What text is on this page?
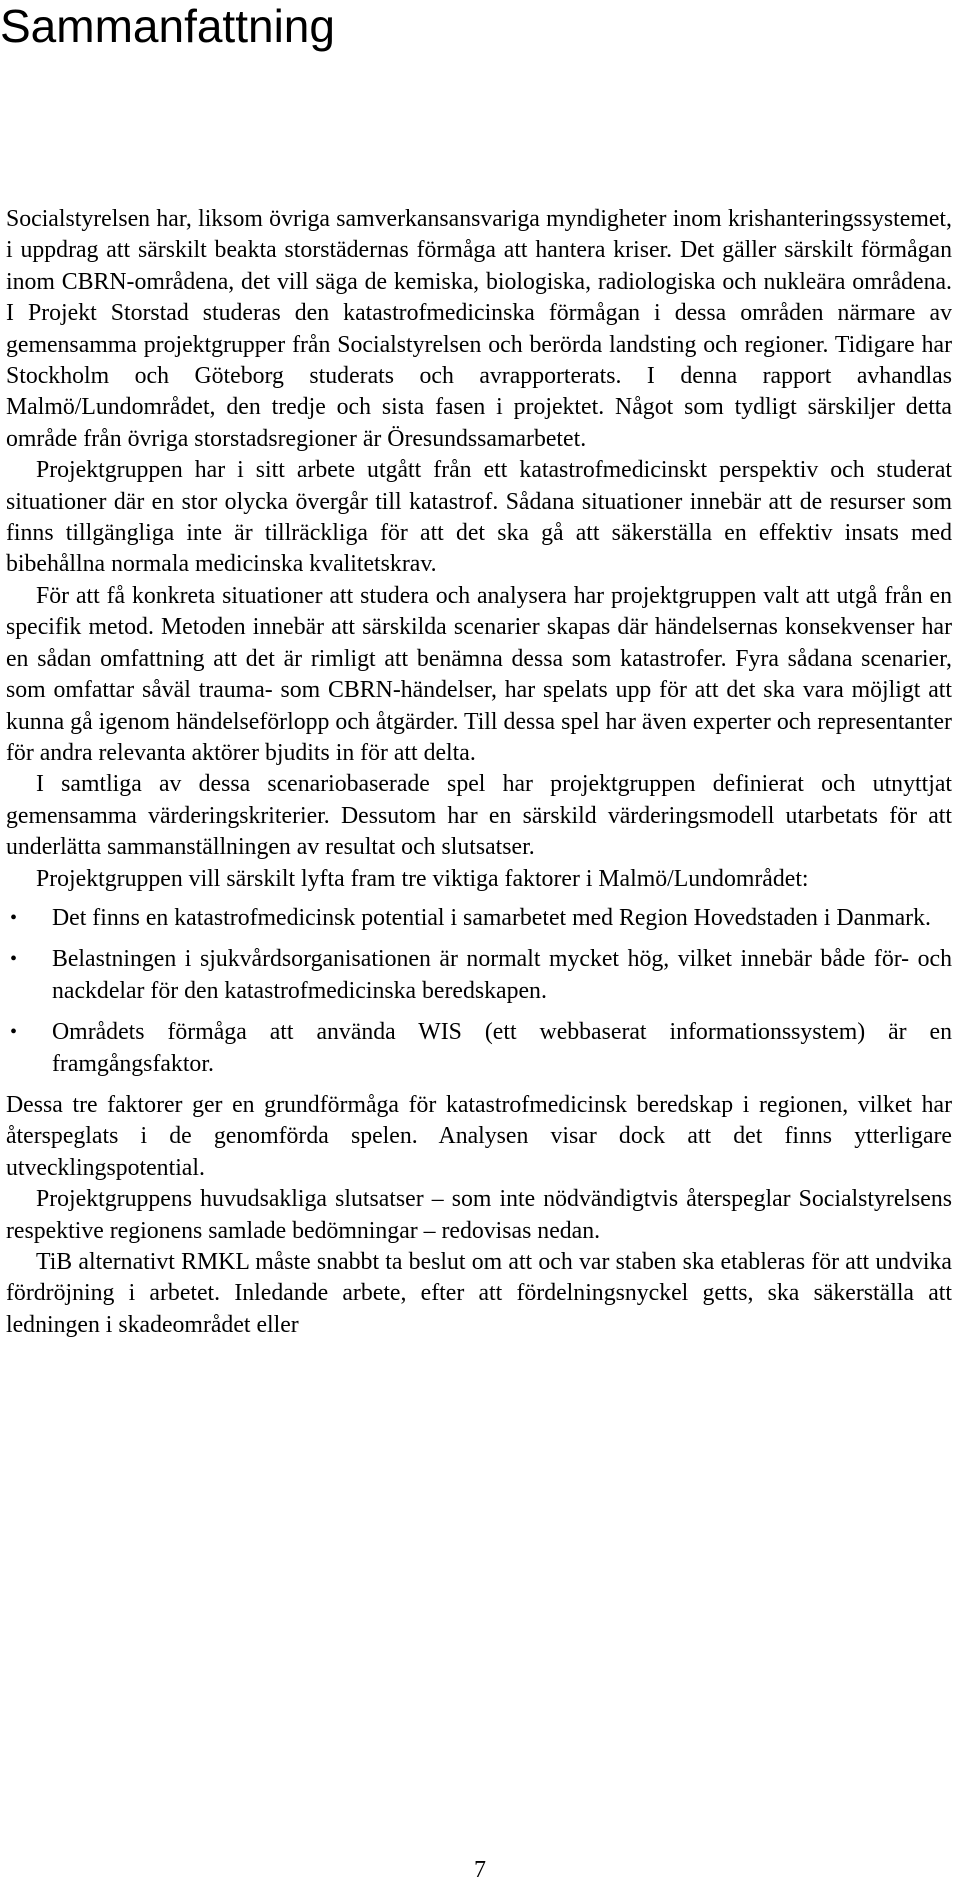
Sammanfattning

Socialstyrelsen har, liksom övriga samverkansansvariga myndigheter inom krishanteringssystemet, i uppdrag att särskilt beakta storstädernas förmåga att hantera kriser. Det gäller särskilt förmågan inom CBRN-områdena, det vill säga de kemiska, biologiska, radiologiska och nukleära områdena. I Projekt Storstad studeras den katastrofmedicinska förmågan i dessa områden närmare av gemensamma projektgrupper från Socialstyrelsen och berörda landsting och regioner. Tidigare har Stockholm och Göteborg studerats och avrapporterats. I denna rapport avhandlas Malmö/Lundområdet, den tredje och sista fasen i projektet. Något som tydligt särskiljer detta område från övriga storstadsregioner är Öresundssamarbetet.

Projektgruppen har i sitt arbete utgått från ett katastrofmedicinskt perspektiv och studerat situationer där en stor olycka övergår till katastrof. Sådana situationer innebär att de resurser som finns tillgängliga inte är tillräckliga för att det ska gå att säkerställa en effektiv insats med bibehållna normala medicinska kvalitetskrav.

För att få konkreta situationer att studera och analysera har projektgruppen valt att utgå från en specifik metod. Metoden innebär att särskilda scenarier skapas där händelsernas konsekvenser har en sådan omfattning att det är rimligt att benämna dessa som katastrofer. Fyra sådana scenarier, som omfattar såväl trauma- som CBRN-händelser, har spelats upp för att det ska vara möjligt att kunna gå igenom händelseförlopp och åtgärder. Till dessa spel har även experter och representanter för andra relevanta aktörer bjudits in för att delta.

I samtliga av dessa scenariobaserade spel har projektgruppen definierat och utnyttjat gemensamma värderingskriterier. Dessutom har en särskild värderingsmodell utarbetats för att underlätta sammanställningen av resultat och slutsatser.

Projektgruppen vill särskilt lyfta fram tre viktiga faktorer i Malmö/Lundområdet:

• Det finns en katastrofmedicinsk potential i samarbetet med Region Hovedstaden i Danmark.
• Belastningen i sjukvårdsorganisationen är normalt mycket hög, vilket innebär både för- och nackdelar för den katastrofmedicinska beredskapen.
• Områdets förmåga att använda WIS (ett webbaserat informationssystem) är en framgångsfaktor.

Dessa tre faktorer ger en grundförmåga för katastrofmedicinsk beredskap i regionen, vilket har återspeglats i de genomförda spelen. Analysen visar dock att det finns ytterligare utvecklingspotential.

Projektgruppens huvudsakliga slutsatser – som inte nödvändigtvis återspeglar Socialstyrelsens respektive regionens samlade bedömningar – redovisas nedan.

TiB alternativt RMKL måste snabbt ta beslut om att och var staben ska etableras för att undvika fördröjning i arbetet. Inledande arbete, efter att fördelningsnyckel getts, ska säkerställa att ledningen i skadeområdet eller

7
